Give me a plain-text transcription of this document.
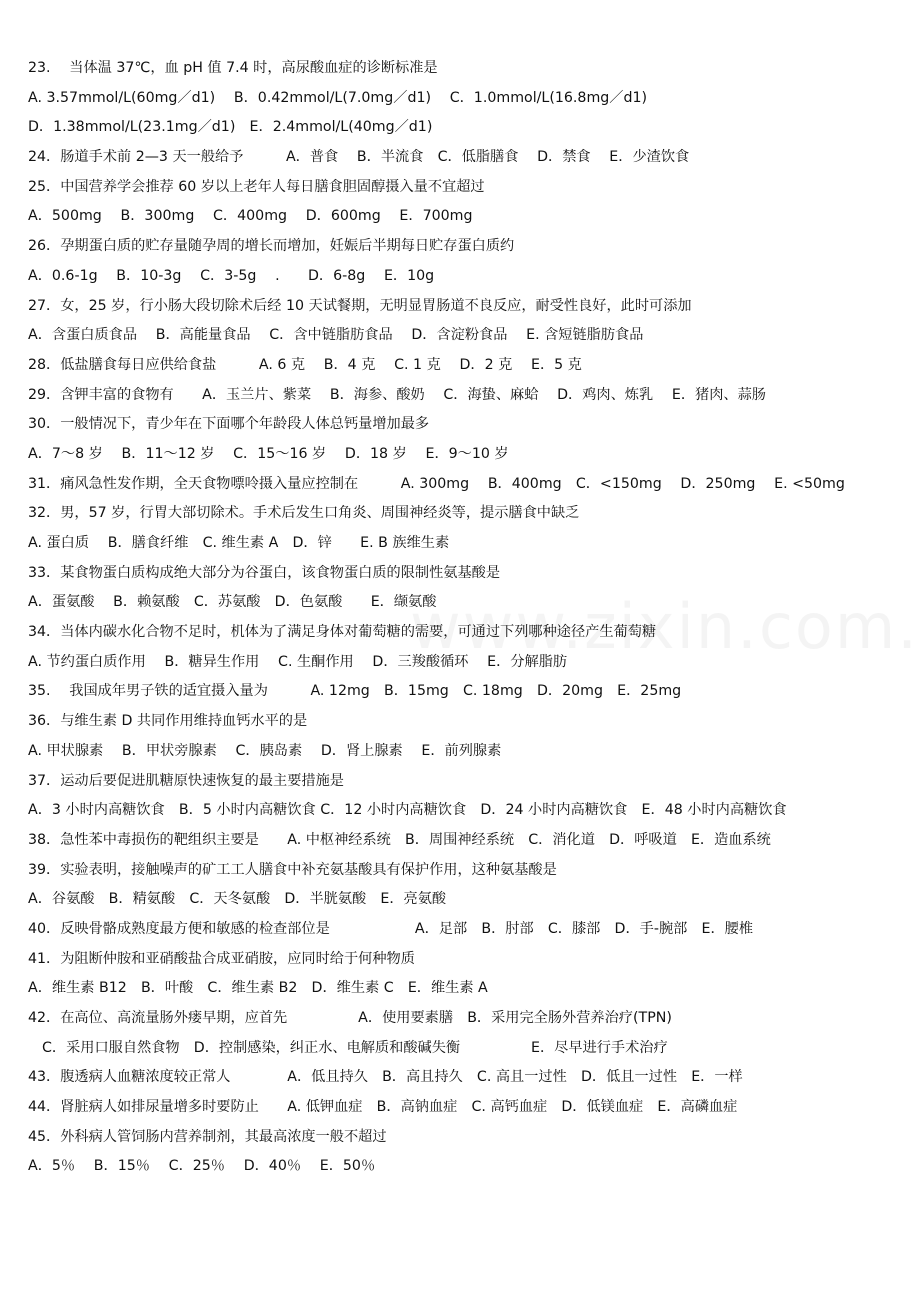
23.　 当体温 37℃，血 pH 值 7.4 时，高尿酸血症的诊断标准是
A. 3.57mmol/L(60mg／d1)　 B．0.42mmol/L(7.0mg／d1)　 C．1.0mmol/L(16.8mg／d1)
D．1.38mmol/L(23.1mg／d1)　E．2.4mmol/L(40mg／d1)
24．肠道手术前 2—3 天一般给予　　　A．普食　 B．半流食　C．低脂膳食　 D．禁食　 E．少渣饮食
25．中国营养学会推荐 60 岁以上老年人每日膳食胆固醇摄入量不宜超过
A．500mg　 B．300mg　 C．400mg　 D．600mg　 E．700mg
26．孕期蛋白质的贮存量随孕周的增长而增加，妊娠后半期每日贮存蛋白质约
A．0.6-1g　 B．10-3g　 C．3-5g　 .　　D．6-8g　 E．10g
27．女，25 岁，行小肠大段切除术后经 10 天试餐期，无明显胃肠道不良反应，耐受性良好，此时可添加
A．含蛋白质食品　 B．高能量食品　 C．含中链脂肪食品　 D．含淀粉食品　 E. 含短链脂肪食品
28．低盐膳食每日应供给食盐　　　A. 6 克　 B．4 克　 C. 1 克　 D．2 克　 E．5 克
29．含钾丰富的食物有　　A．玉兰片、紫菜　 B．海参、酸奶　 C．海蛰、麻蛤　 D．鸡肉、炼乳　 E．猪肉、蒜肠
30．一般情况下，青少年在下面哪个年龄段人体总钙量增加最多
A．7～8 岁　 B．11～12 岁　 C．15～16 岁　 D．18 岁　 E．9～10 岁
31．痛风急性发作期，全天食物嘌呤摄入量应控制在　　　A. 300mg　 B．400mg　C．<150mg　 D．250mg　 E. <50mg
32．男，57 岁，行胃大部切除术。手术后发生口角炎、周围神经炎等，提示膳食中缺乏
A. 蛋白质　 B．膳食纤维　C. 维生素 A　D．锌　　E. B 族维生素
33．某食物蛋白质构成绝大部分为谷蛋白，该食物蛋白质的限制性氨基酸是
A．蛋氨酸　 B．赖氨酸　C．苏氨酸　D．色氨酸　　E．缬氨酸
34．当体内碳水化合物不足时，机体为了满足身体对葡萄糖的需要，可通过下列哪种途径产生葡萄糖
A. 节约蛋白质作用　 B．糖异生作用　 C. 生酮作用　 D．三羧酸循环　 E．分解脂肪
35.　 我国成年男子铁的适宜摄入量为　　　A. 12mg　B．15mg　C. 18mg　D．20mg　E．25mg
36．与维生素 D 共同作用维持血钙水平的是
A. 甲状腺素　 B．甲状旁腺素　 C．胰岛素　 D．肾上腺素　 E．前列腺素
37．运动后要促进肌糖原快速恢复的最主要措施是
A．3 小时内高糖饮食　B．5 小时内高糖饮食 C．12 小时内高糖饮食　D．24 小时内高糖饮食　E．48 小时内高糖饮食
38．急性苯中毒损伤的靶组织主要是　　A. 中枢神经系统　B．周围神经系统　C．消化道　D．呼吸道　E．造血系统
39．实验表明，接触噪声的矿工工人膳食中补充氨基酸具有保护作用，这种氨基酸是
A．谷氨酸　B．精氨酸　C．天冬氨酸　D．半胱氨酸　E．亮氨酸
40．反映骨骼成熟度最方便和敏感的检查部位是　　　　　　A．足部　B．肘部　C．膝部　D．手-腕部　E．腰椎
41．为阻断仲胺和亚硝酸盐合成亚硝胺，应同时给于何种物质
A．维生素 B12　B．叶酸　C．维生素 B2　D．维生素 C　E．维生素 A
42．在高位、高流量肠外瘘早期，应首先　　　　　A．使用要素膳　B．采用完全肠外营养治疗(TPN)
C．采用口服自然食物　D．控制感染，纠正水、电解质和酸碱失衡　　　　　E．尽早进行手术治疗
43．腹透病人血糖浓度较正常人　　　　A．低且持久　B．高且持久　C. 高且一过性　D．低且一过性　E．一样
44．肾脏病人如排尿量增多时要防止　　A. 低钾血症　B．高钠血症　C. 高钙血症　D．低镁血症　E．高磷血症
45．外科病人管饲肠内营养制剂，其最高浓度一般不超过
A．5％　 B．15％　 C．25％　 D．40％　 E．50％
